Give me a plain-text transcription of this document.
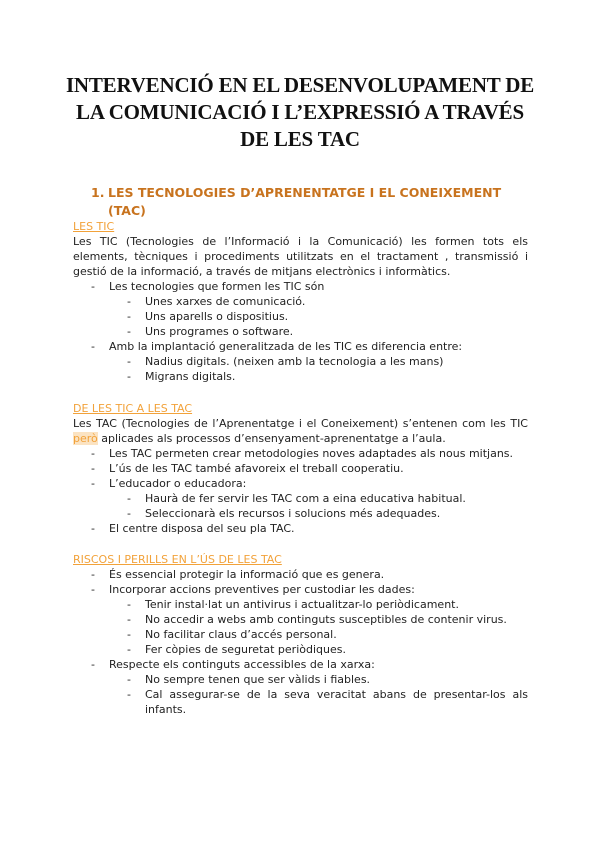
INTERVENCIÓ EN EL DESENVOLUPAMENT DE LA COMUNICACIÓ I L’EXPRESSIÓ A TRAVÉS DE LES TAC
1. LES TECNOLOGIES D’APRENENTATGE I EL CONEIXEMENT (TAC)
LES TIC
Les TIC (Tecnologies de l’Informació i la Comunicació) les formen tots els elements, tècniques i procediments utilitzats en el tractament , transmissió i gestió de la informació, a través de mitjans electrònics i informàtics.
- Les tecnologies que formen les TIC són
- Unes xarxes de comunicació.
- Uns aparells o dispositius.
- Uns programes o software.
- Amb la implantació generalitzada de les TIC es diferencia entre:
- Nadius digitals. (neixen amb la tecnologia a les mans)
- Migrans digitals.
DE LES TIC A LES TAC
Les TAC (Tecnologies de l’Aprenentatge i el Coneixement) s’entenen com les TIC però aplicades als processos d’ensenyament-aprenentatge a l’aula.
- Les TAC permeten crear metodologies noves adaptades als nous mitjans.
- L’ús de les TAC també afavoreix el treball cooperatiu.
- L’educador o educadora:
- Haurà de fer servir les TAC com a eina educativa habitual.
- Seleccionarà els recursos i solucions més adequades.
- El centre disposa del seu pla TAC.
RISCOS I PERILLS EN L’ÚS DE LES TAC
- És essencial protegir la informació que es genera.
- Incorporar accions preventives per custodiar les dades:
- Tenir instal·lat un antivirus i actualitzar-lo periòdicament.
- No accedir a webs amb continguts susceptibles de contenir virus.
- No facilitar claus d’accés personal.
- Fer còpies de seguretat periòdiques.
- Respecte els continguts accessibles de la xarxa:
- No sempre tenen que ser vàlids i fiables.
- Cal assegurar-se de la seva veracitat abans de presentar-los als infants.
